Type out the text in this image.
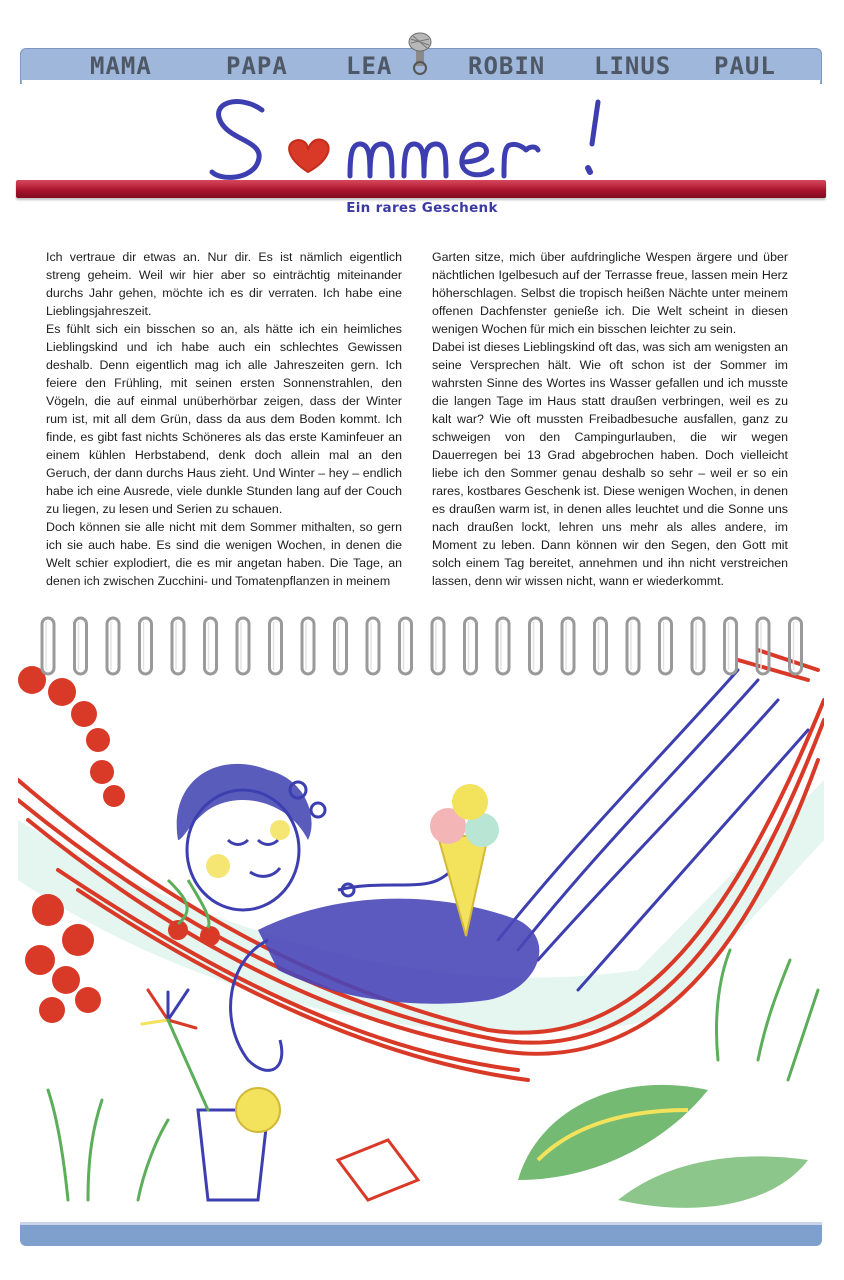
MAMA	PAPA LEA	ROBIN LINUS PAUL
Ein rares Geschenk

Ich vertraue dir etwas an. Nur dir. Es ist nämlich eigentlich streng geheim. Weil wir hier aber so einträchtig miteinander durchs Jahr gehen, möchte ich es dir verraten. Ich habe eine Lieblingsjahreszeit.

Es fühlt sich ein bisschen so an, als hätte ich ein heimliches Lieblingskind und ich habe auch ein schlechtes Gewissen deshalb. Denn eigentlich mag ich alle Jahreszeiten gern. Ich feiere den Frühling, mit seinen ersten Sonnenstrahlen, den Vögeln, die auf einmal unüberhörbar zeigen, dass der Winter rum ist, mit all dem Grün, dass da aus dem Boden kommt. Ich finde, es gibt fast nichts Schöneres als das erste Kaminfeuer an einem kühlen Herbstabend, denk doch allein mal an den Geruch, der dann durchs Haus zieht. Und Winter – hey – endlich habe ich eine Ausrede, viele dunkle Stunden lang auf der Couch zu liegen, zu lesen und Serien zu schauen.

Doch können sie alle nicht mit dem Sommer mithalten, so gern ich sie auch habe. Es sind die wenigen Wochen, in denen die Welt schier explodiert, die es mir angetan haben. Die Tage, an denen ich zwischen Zucchini- und Tomatenpflanzen in meinem

Garten sitze, mich über aufdringliche Wespen ärgere und über nächtlichen Igelbesuch auf der Terrasse freue, lassen mein Herz höherschlagen. Selbst die tropisch heißen Nächte unter meinem offenen Dachfenster genieße ich. Die Welt scheint in diesen wenigen Wochen für mich ein bisschen leichter zu sein.

Dabei ist dieses Lieblingskind oft das, was sich am wenigsten an seine Versprechen hält. Wie oft schon ist der Sommer im wahrsten Sinne des Wortes ins Wasser gefallen und ich musste die langen Tage im Haus statt draußen verbringen, weil es zu kalt war? Wie oft mussten Freibadbesuche ausfallen, ganz zu schweigen von den Campingurlauben, die wir wegen Dauerregen bei 13 Grad abgebrochen haben. Doch vielleicht liebe ich den Sommer genau deshalb so sehr – weil er so ein rares, kostbares Geschenk ist. Diese wenigen Wochen, in denen es draußen warm ist, in denen alles leuchtet und die Sonne uns nach draußen lockt, lehren uns mehr als alles andere, im Moment zu leben. Dann können wir den Segen, den Gott mit solch einem Tag bereitet, annehmen und ihn nicht verstreichen lassen, denn wir wissen nicht, wann er wiederkommt.
